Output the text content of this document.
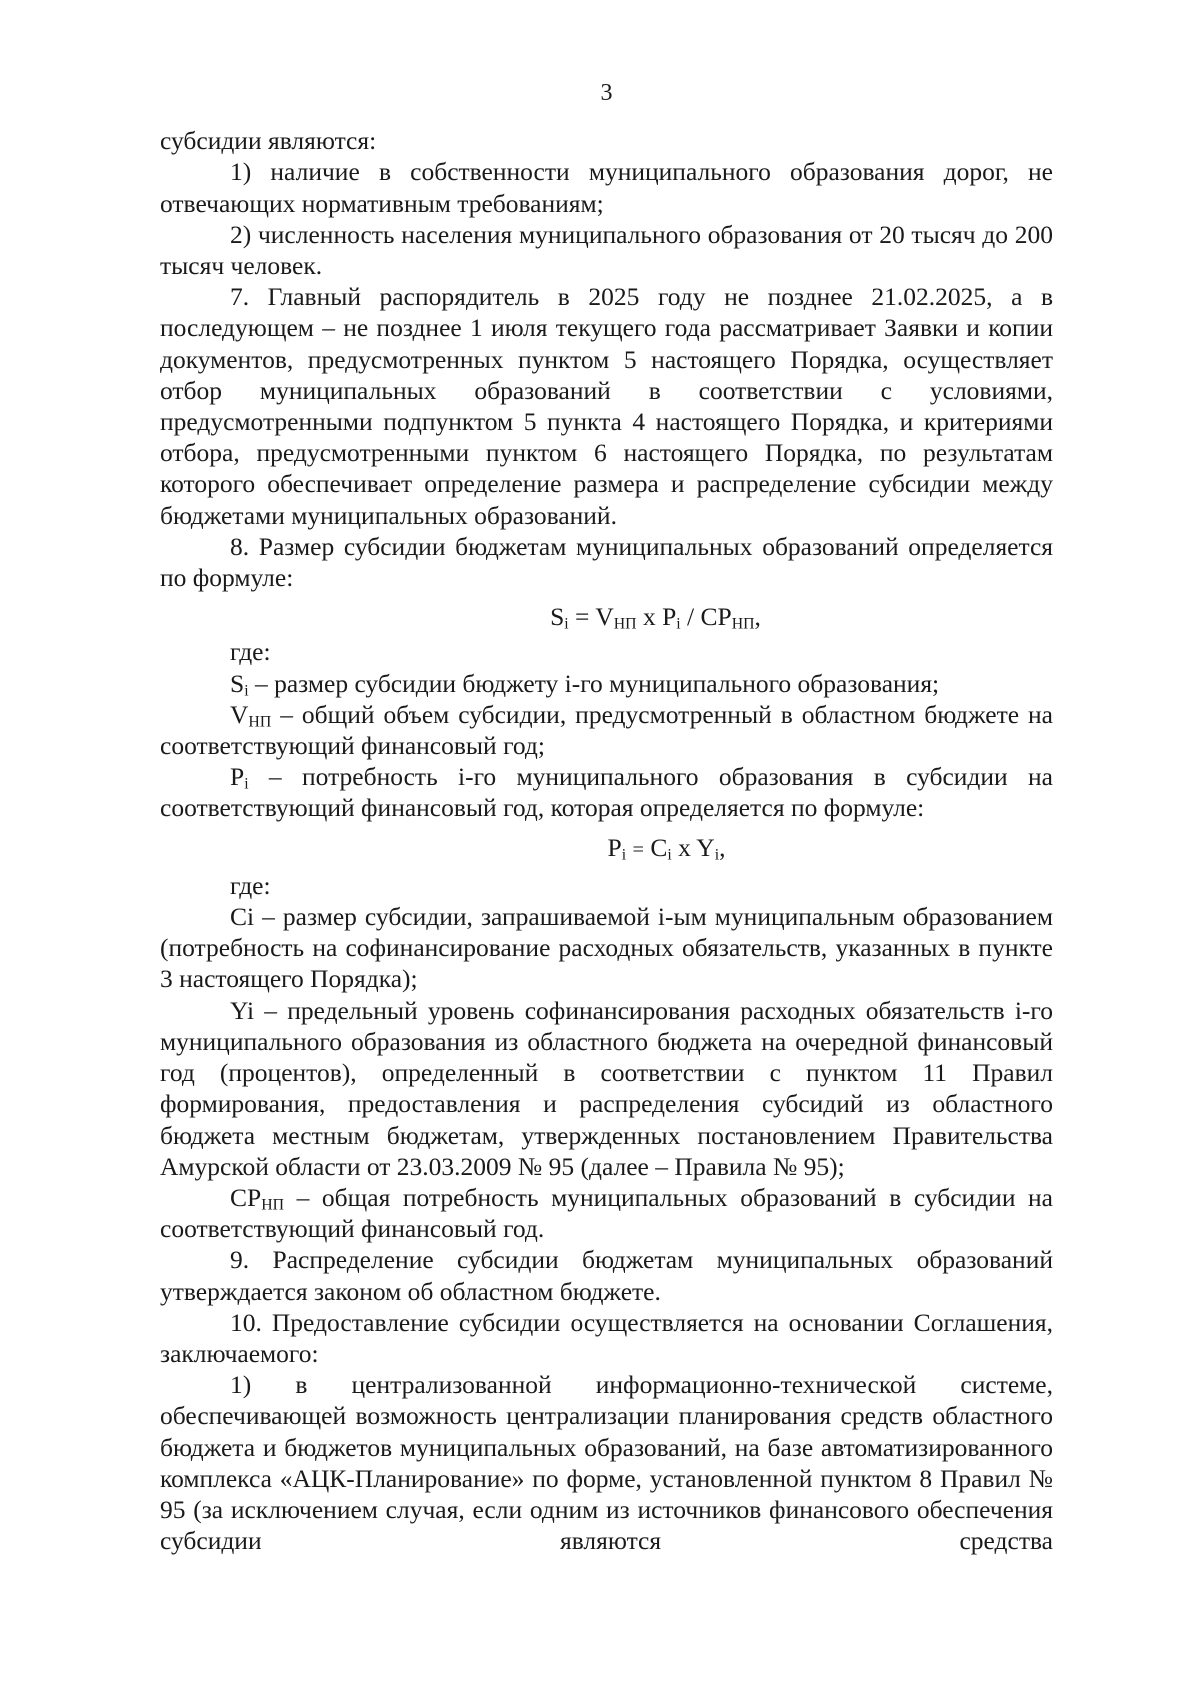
3

субсидии являются:

1) наличие в собственности муниципального образования дорог, не отвечающих нормативным требованиям;

2) численность населения муниципального образования от 20 тысяч до 200 тысяч человек.

7. Главный распорядитель в 2025 году не позднее 21.02.2025, а в последующем – не позднее 1 июля текущего года рассматривает Заявки и копии документов, предусмотренных пунктом 5 настоящего Порядка, осуществляет отбор муниципальных образований в соответствии с условиями, предусмотренными подпунктом 5 пункта 4 настоящего Порядка, и критериями отбора, предусмотренными пунктом 6 настоящего Порядка, по результатам которого обеспечивает определение размера и распределение субсидии между бюджетами муниципальных образований.

8. Размер субсидии бюджетам муниципальных образований определяется по формуле:

$S_i = V_{НП}$ x $P_i / CP_{НП}$,

где:

$S_i$ – размер субсидии бюджету i-го муниципального образования;

$V_{НП}$ – общий объем субсидии, предусмотренный в областном бюджете на соответствующий финансовый год;

$P_i$ – потребность i-го муниципального образования в субсидии на соответствующий финансовый год, которая определяется по формуле:

$P_i = C_i$ x $Y_i$,

где:

Ci – размер субсидии, запрашиваемой i-ым муниципальным образованием (потребность на софинансирование расходных обязательств, указанных в пункте 3 настоящего Порядка);

Yi – предельный уровень софинансирования расходных обязательств i-го муниципального образования из областного бюджета на очередной финансовый год (процентов), определенный в соответствии с пунктом 11 Правил формирования, предоставления и распределения субсидий из областного бюджета местным бюджетам, утвержденных постановлением Правительства Амурской области от 23.03.2009 № 95 (далее – Правила № 95);

$CP_{НП}$ – общая потребность муниципальных образований в субсидии на соответствующий финансовый год.

9. Распределение субсидии бюджетам муниципальных образований утверждается законом об областном бюджете.

10. Предоставление субсидии осуществляется на основании Соглашения, заключаемого:

1) в централизованной информационно-технической системе, обеспечивающей возможность централизации планирования средств областного бюджета и бюджетов муниципальных образований, на базе автоматизированного комплекса «АЦК-Планирование» по форме, установленной пунктом 8 Правил № 95 (за исключением случая, если одним из источников финансового обеспечения субсидии являются средства
